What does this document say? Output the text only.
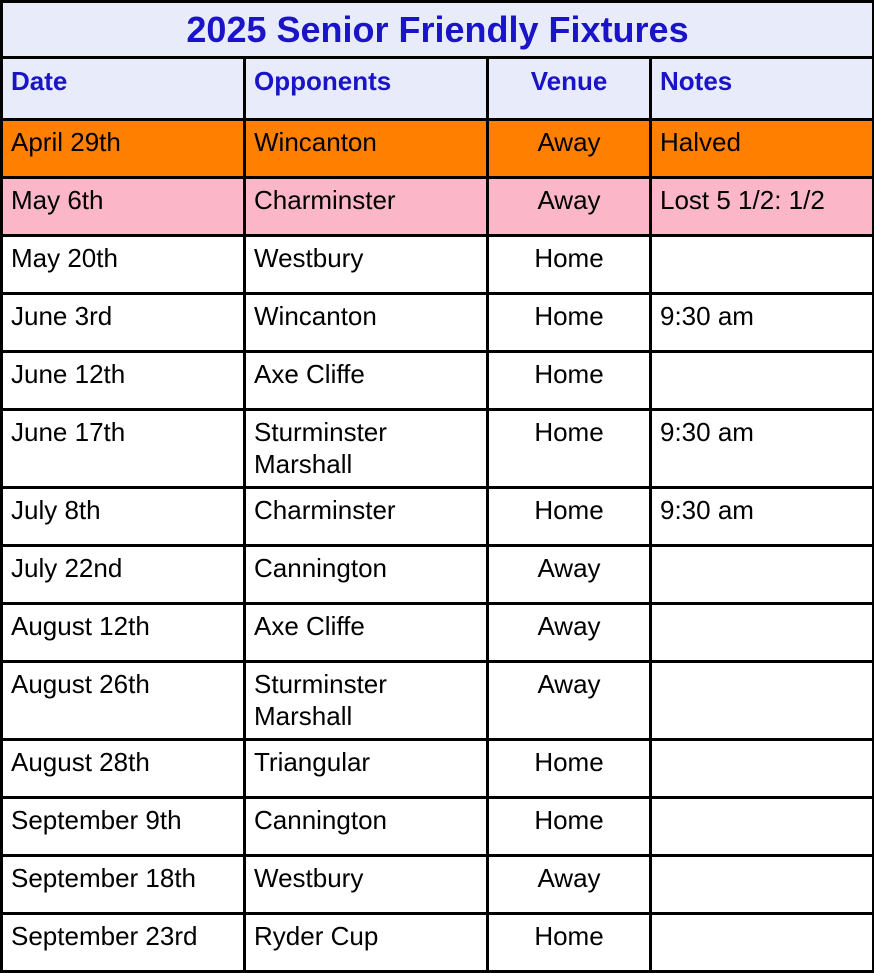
2025 Senior Friendly Fixtures			
Date	Opponents	Venue	Notes
April 29th	Wincanton	Away	Halved
May 6th	Charminster	Away	Lost 5 1/2: 1/2
May 20th	Westbury	Home	
June 3rd	Wincanton	Home	9:30 am
June 12th	Axe Cliffe	Home	
June 17th	Sturminster Marshall	Home	9:30 am
July 8th	Charminster	Home	9:30 am
July 22nd	Cannington	Away	
August 12th	Axe Cliffe	Away	
August 26th	Sturminster Marshall	Away	
August 28th	Triangular	Home	
September 9th	Cannington	Home	
September 18th	Westbury	Away	
September 23rd	Ryder Cup	Home	
